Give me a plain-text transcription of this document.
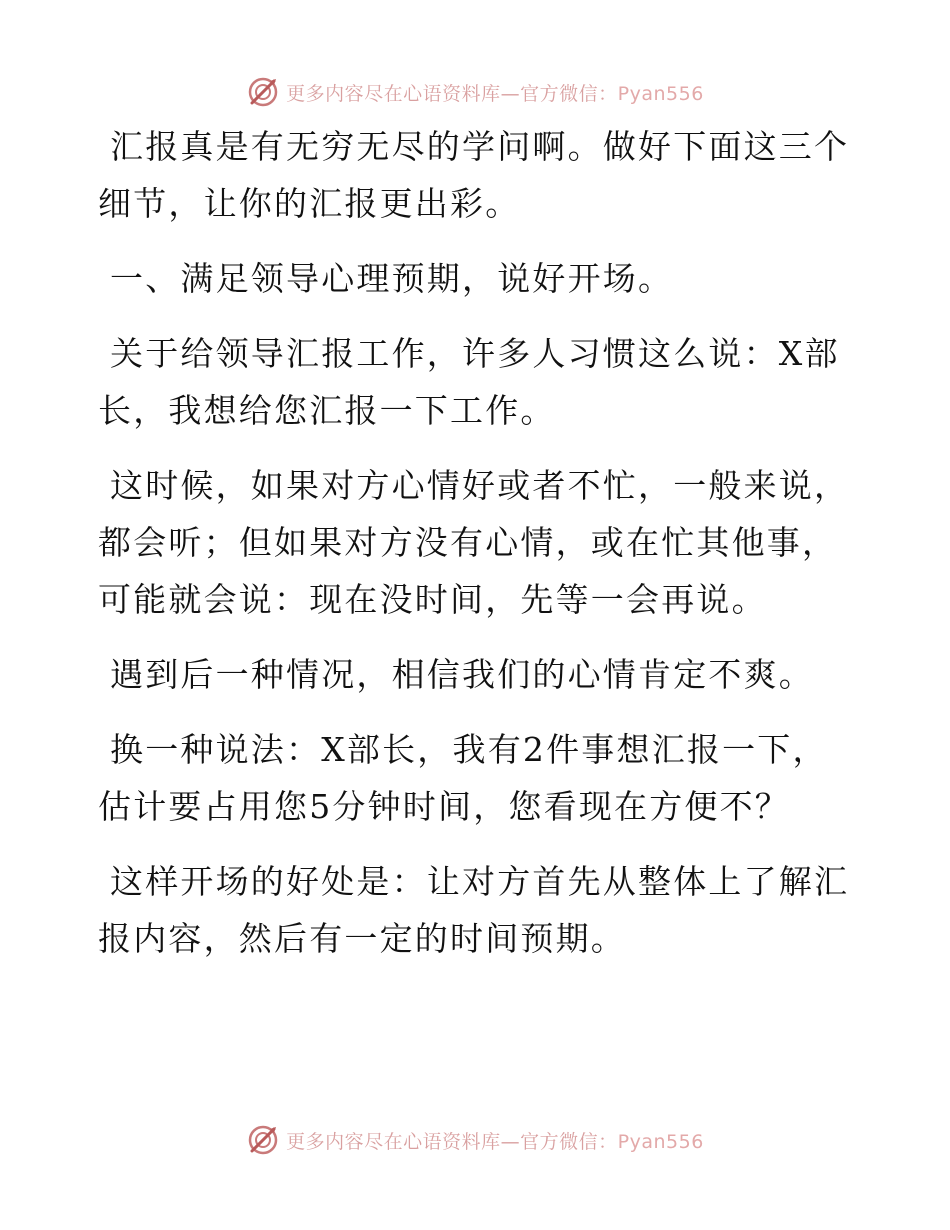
更多内容尽在心语资料库—官方微信：Pyan556

汇报真是有无穷无尽的学问啊。做好下面这三个细节，让你的汇报更出彩。

一、满足领导心理预期，说好开场。

关于给领导汇报工作，许多人习惯这么说：X部长，我想给您汇报一下工作。

这时候，如果对方心情好或者不忙，一般来说，都会听；但如果对方没有心情，或在忙其他事，可能就会说：现在没时间，先等一会再说。

遇到后一种情况，相信我们的心情肯定不爽。

换一种说法：X部长，我有2件事想汇报一下，估计要占用您5分钟时间，您看现在方便不？

这样开场的好处是：让对方首先从整体上了解汇报内容，然后有一定的时间预期。

更多内容尽在心语资料库—官方微信：Pyan556
